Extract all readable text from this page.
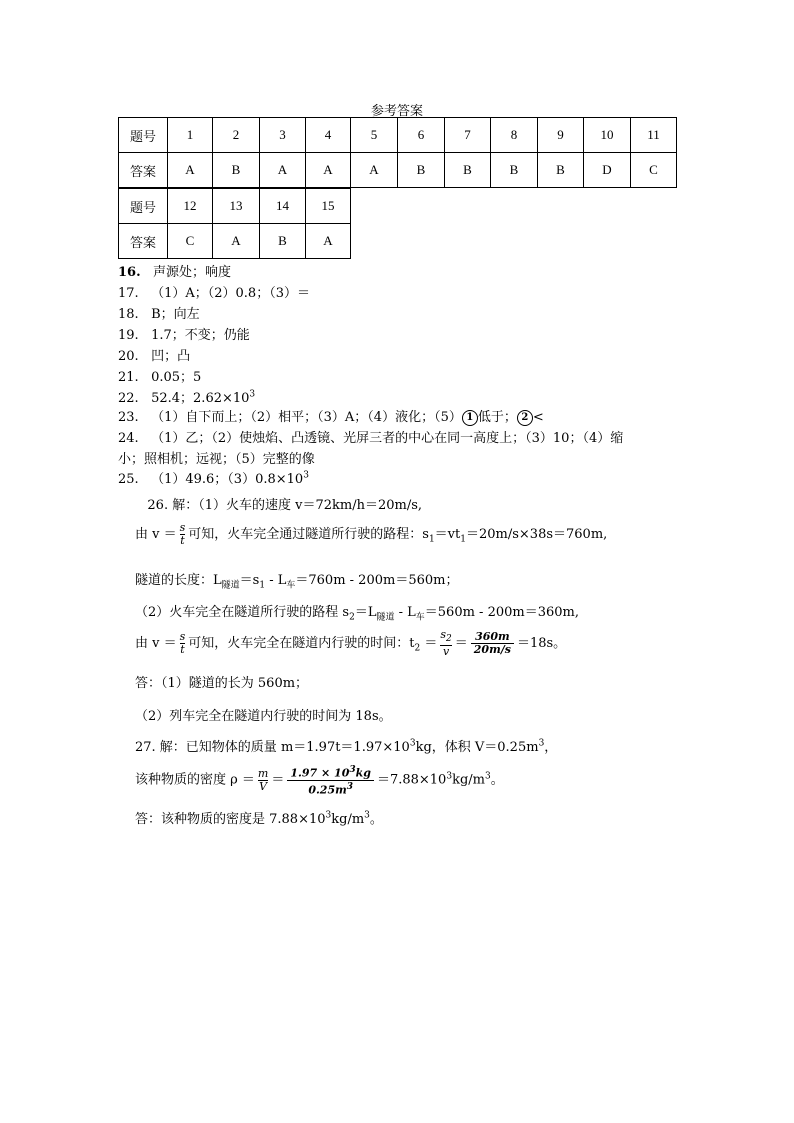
参考答案
题号	1	2	3	4	5	6	7	8	9	10	11
答案	A	B	A	A	A	B	B	B	B	D	C
题号	12	13	14	15
答案	C	A	B	A
16. 声源处；响度
17. （1）A；（2）0.8；（3）＝
18. B；向左
19. 1.7；不变；仍能
20. 凹；凸
21. 0.05；5
22. 52.4；$2.62\times 10^3$
23. （1）自下而上；（2）相平；（3）A；（4）液化；（5） 1 低于； 2 <
24. （1）乙；（2）使烛焰、凸透镜、光屏三者的中心在同一高度上；（3）10；（4）缩
小；照相机；远视；（5）完整的像
25. （1）49.6；$(3)0.8\times 10^3$
26. 解：（1）火车的速度 v＝72km/h＝20m/s,
由 $v = \frac{s}{t}$ 可知，火车完全通过隧道所行驶的路程：$s_1=vt_1=20m/s\times 38s=760m$,
隧道的长度：$L_{隧道}=s_1 - L_车=760m - 200m=560m$；
（2）火车完全在隧道所行驶的路程 $s_2=L_{隧道} - L_车=560m - 200m=360m$,
由 $v = \frac{s}{t}$ 可知，火车完全在隧道内行驶的时间：$t_2 = \frac{s_2}{v} = \frac{360m}{20m/s} =18s$。
答：（1）隧道的长为 560m；
（2）列车完全在隧道内行驶的时间为 18s。
27. 解：已知物体的质量 $m=1.97t=1.97\times 10^3kg$，体积 $V=0.25m^3$，
该种物质的密度 $\rho = \frac{m}{V} = \frac{1.97 \times 10^3kg}{0.25m^3} =7.88\times 10^3kg/m^3$。
答：该种物质的密度是 $7.88\times 10^3kg/m^3$。
